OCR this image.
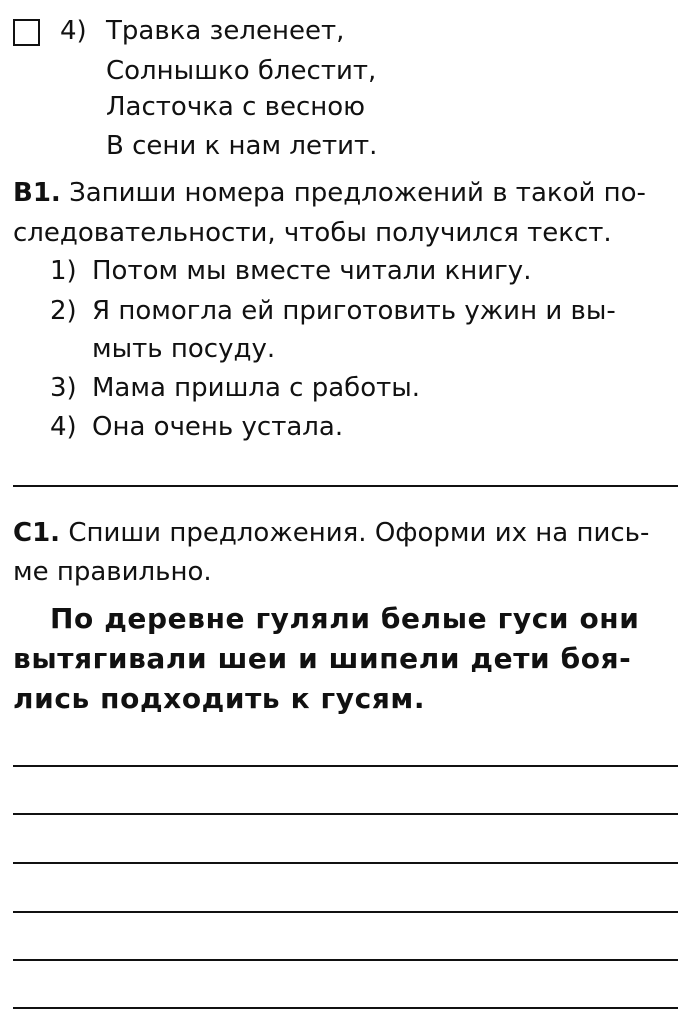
4) Травка зеленеет,
Солнышко блестит,
Ласточка с весною
В сени к нам летит.
В1. Запиши номера предложений в такой по-
следовательности, чтобы получился текст.
1) Потом мы вместе читали книгу.
2) Я помогла ей приготовить ужин и вы-
мыть посуду.
3) Мама пришла с работы.
4) Она очень устала.
С1. Спиши предложения. Оформи их на пись-
ме правильно.
По деревне гуляли белые гуси они
вытягивали шеи и шипели дети боя-
лись подходить к гусям.
